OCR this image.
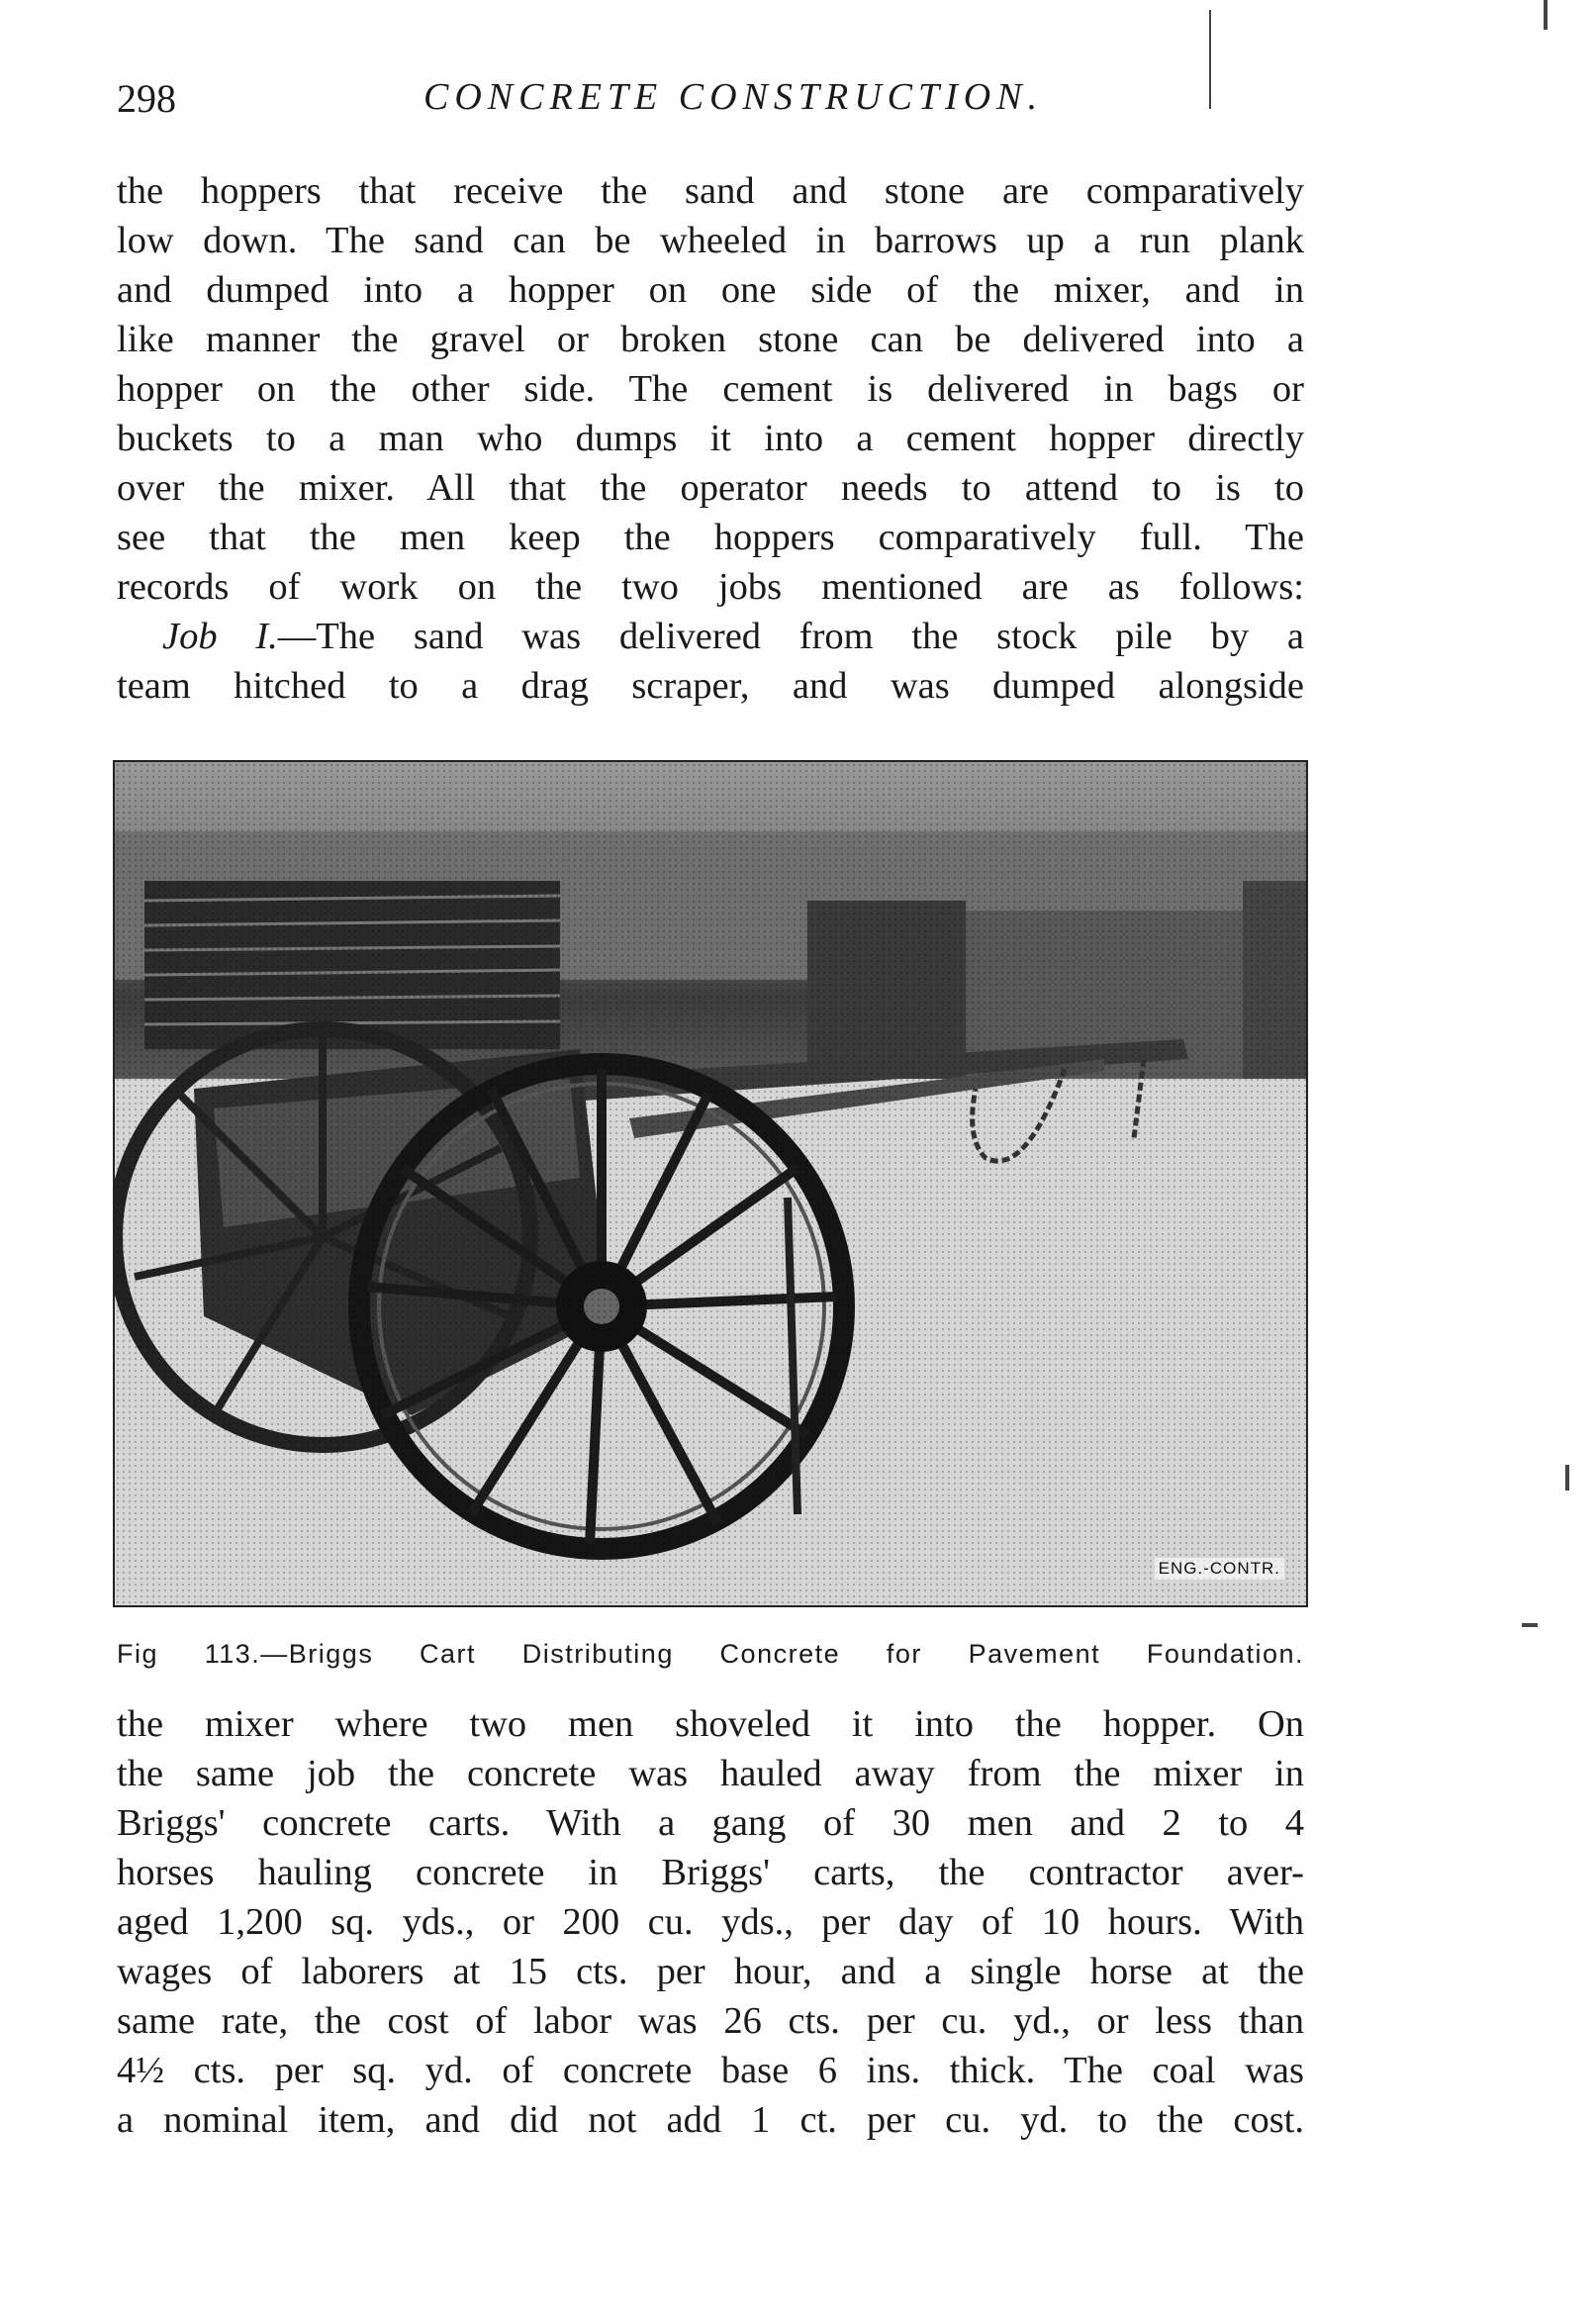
298	CONCRETE CONSTRUCTION.
the hoppers that receive the sand and stone are comparatively
low down. The sand can be wheeled in barrows up a run plank
and dumped into a hopper on one side of the mixer, and in
like manner the gravel or broken stone can be delivered into a
hopper on the other side. The cement is delivered in bags or
buckets to a man who dumps it into a cement hopper directly
over the mixer. All that the operator needs to attend to is to
see that the men keep the hoppers comparatively full. The
records of work on the two jobs mentioned are as follows:
Job I.—The sand was delivered from the stock pile by a
team hitched to a drag scraper, and was dumped alongside
ENG.-CONTR.
Fig 113.—Briggs Cart Distributing Concrete for Pavement Foundation.
the mixer where two men shoveled it into the hopper. On
the same job the concrete was hauled away from the mixer in
Briggs' concrete carts. With a gang of 30 men and 2 to 4
horses hauling concrete in Briggs' carts, the contractor aver-
aged 1,200 sq. yds., or 200 cu. yds., per day of 10 hours. With
wages of laborers at 15 cts. per hour, and a single horse at the
same rate, the cost of labor was 26 cts. per cu. yd., or less than
4½ cts. per sq. yd. of concrete base 6 ins. thick. The coal was
a nominal item, and did not add 1 ct. per cu. yd. to the cost.
